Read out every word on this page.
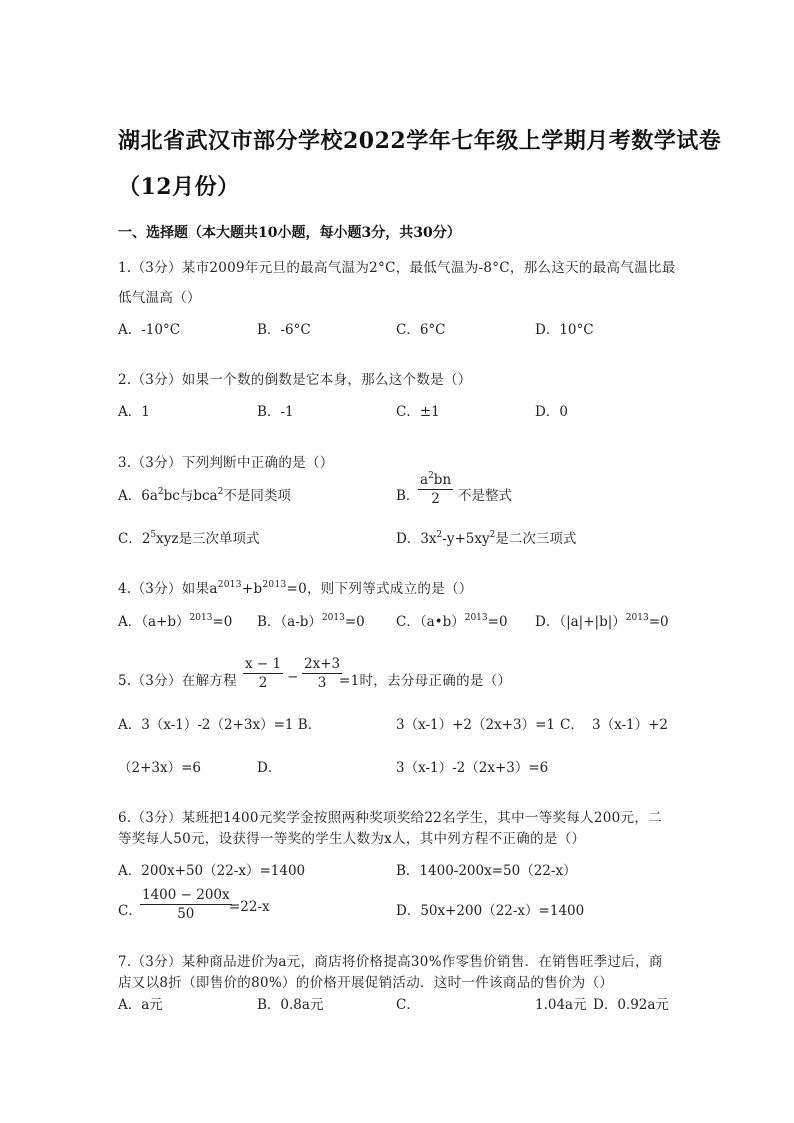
湖北省武汉市部分学校2022学年七年级上学期月考数学试卷
（12月份）
一、选择题（本大题共10小题，每小题3分，共30分）
1.（3分）某市2009年元旦的最高气温为2°C，最低气温为-8°C，那么这天的最高气温比最
低气温高（）
A．-10°C	B．-6°C	C．6°C	D．10°C
2.（3分）如果一个数的倒数是它本身，那么这个数是（）
A．1	B．-1	C．±1	D．0
3.（3分）下列判断中正确的是（）
A．$6a^2bc$与bca$^2$不是同类项	B．
$\frac{a^2bn}{2}$ 不是整式
C．$2^5xyz$是三次单项式	D．$3x^2-y+5xy^2$是二次三项式
4.（3分）如果$a^{2013}+b^{2013}=0$，则下列等式成立的是（）
A．$(a+b)^{2013}=0$ B．$(a-b)^{2013}=0$ C．（a•b）$^{2013}$=0 D．$(|a|+|b|)^{2013}=0$
5.（3分）在解方程 $\frac{x - 1}{2} - \frac{2x+3}{3}$
=1时，去分母正确的是（）
A．3（x-1）-2（2+3x）=1 B．	3（x-1）+2（2x+3）=1 C． 3（x-1）+2
（2+3x）=6	D．	3（x-1）-2（2x+3）=6
6.（3分）某班把1400元奖学金按照两种奖项奖给22名学生，其中一等奖每人200元，二
等奖每人50元，设获得一等奖的学生人数为x人，其中列方程不正确的是（）
A．200x+50（22-x）=1400	B．1400-200x=50（22-x）
C．
$\frac{1400 - 200x}{50}$
=22-x	D．50x+200（22-x）=1400
7.（3分）某种商品进价为a元，商店将价格提高30%作零售价销售．在销售旺季过后，商
店又以8折（即售价的80%）的价格开展促销活动．这时一件该商品的售价为（）
A．a元	B．0.8a元	C．	1.04a元 D．0.92a元
